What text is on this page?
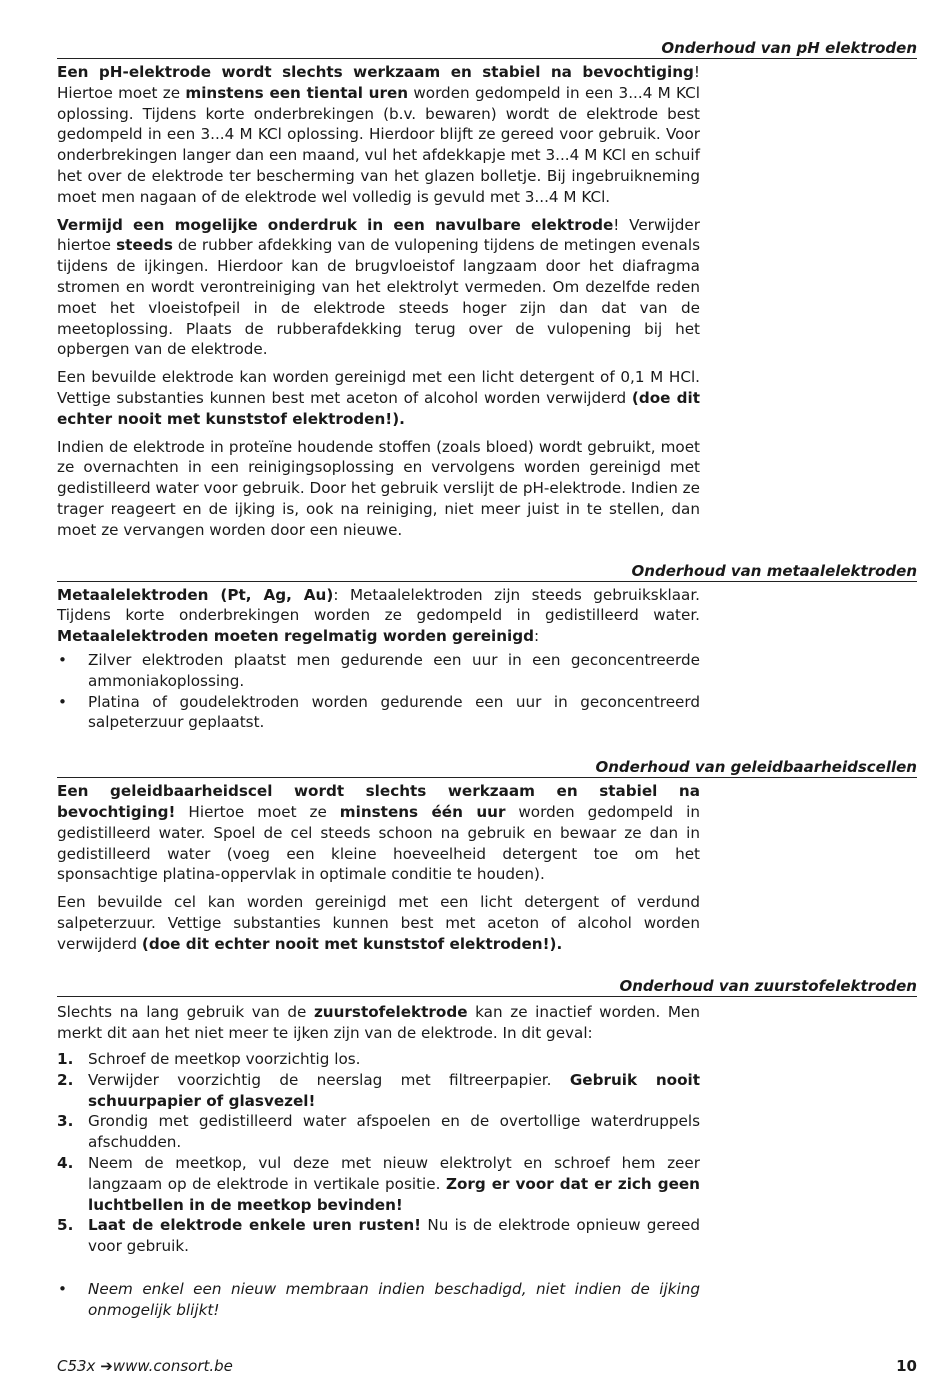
Onderhoud van pH elektroden

Een pH-elektrode wordt slechts werkzaam en stabiel na bevochtiging! Hiertoe moet ze minstens een tiental uren worden gedompeld in een 3...4 M KCl oplossing. Tijdens korte onderbrekingen (b.v. bewaren) wordt de elektrode best gedompeld in een 3...4 M KCl oplossing. Hierdoor blijft ze gereed voor gebruik. Voor onderbrekingen langer dan een maand, vul het afdekkapje met 3...4 M KCl en schuif het over de elektrode ter bescherming van het glazen bolletje. Bij ingebruikneming moet men nagaan of de elektrode wel volledig is gevuld met 3...4 M KCl.

Vermijd een mogelijke onderdruk in een navulbare elektrode! Verwijder hiertoe steeds de rubber afdekking van de vulopening tijdens de metingen evenals tijdens de ijkingen. Hierdoor kan de brugvloeistof langzaam door het diafragma stromen en wordt verontreiniging van het elektrolyt vermeden. Om dezelfde reden moet het vloeistofpeil in de elektrode steeds hoger zijn dan dat van de meetoplossing. Plaats de rubberafdekking terug over de vulopening bij het opbergen van de elektrode.

Een bevuilde elektrode kan worden gereinigd met een licht detergent of 0,1 M HCl. Vettige substanties kunnen best met aceton of alcohol worden verwijderd (doe dit echter nooit met kunststof elektroden!).

Indien de elektrode in proteïne houdende stoffen (zoals bloed) wordt gebruikt, moet ze overnachten in een reinigingsoplossing en vervolgens worden gereinigd met gedistilleerd water voor gebruik. Door het gebruik verslijt de pH-elektrode. Indien ze trager reageert en de ijking is, ook na reiniging, niet meer juist in te stellen, dan moet ze vervangen worden door een nieuwe.

Onderhoud van metaalelektroden

Metaalelektroden (Pt, Ag, Au): Metaalelektroden zijn steeds gebruiksklaar. Tijdens korte onderbrekingen worden ze gedompeld in gedistilleerd water. Metaalelektroden moeten regelmatig worden gereinigd:

• Zilver elektroden plaatst men gedurende een uur in een geconcentreerde ammoniakoplossing.
• Platina of goudelektroden worden gedurende een uur in geconcentreerd salpeterzuur geplaatst.
Onderhoud van geleidbaarheidscellen

Een geleidbaarheidscel wordt slechts werkzaam en stabiel na bevochtiging! Hiertoe moet ze minstens één uur worden gedompeld in gedistilleerd water. Spoel de cel steeds schoon na gebruik en bewaar ze dan in gedistilleerd water (voeg een kleine hoeveelheid detergent toe om het sponsachtige platina-oppervlak in optimale conditie te houden).

Een bevuilde cel kan worden gereinigd met een licht detergent of verdund salpeterzuur. Vettige substanties kunnen best met aceton of alcohol worden verwijderd (doe dit echter nooit met kunststof elektroden!).

Onderhoud van zuurstofelektroden

Slechts na lang gebruik van de zuurstofelektrode kan ze inactief worden. Men merkt dit aan het niet meer te ijken zijn van de elektrode. In dit geval:

1. Schroef de meetkop voorzichtig los.
2. Verwijder voorzichtig de neerslag met filtreerpapier. Gebruik nooit schuurpapier of glasvezel!
3. Grondig met gedistilleerd water afspoelen en de overtollige waterdruppels afschudden.
4. Neem de meetkop, vul deze met nieuw elektrolyt en schroef hem zeer langzaam op de elektrode in vertikale positie. Zorg er voor dat er zich geen luchtbellen in de meetkop bevinden!
5. Laat de elektrode enkele uren rusten! Nu is de elektrode opnieuw gereed voor gebruik.
• Neem enkel een nieuw membraan indien beschadigd, niet indien de ijking onmogelijk blijkt!
C53x ➔www.consort.be	10
